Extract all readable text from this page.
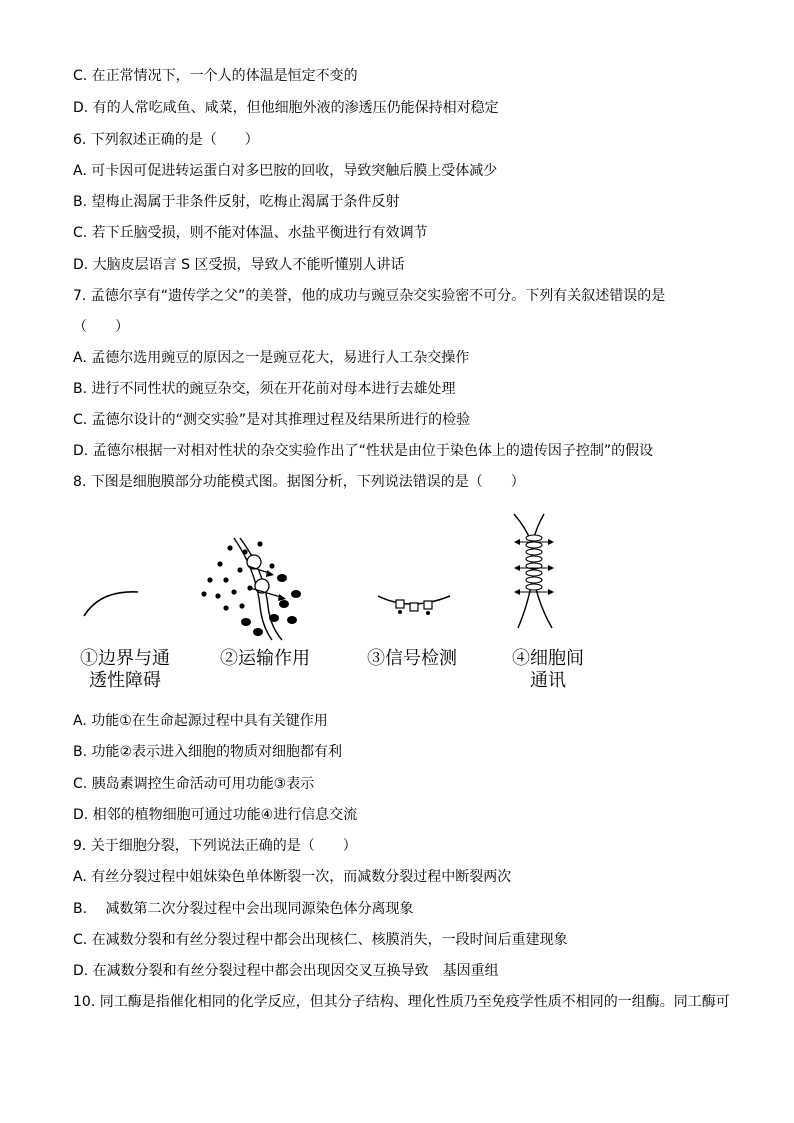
C. 在正常情况下，一个人的体温是恒定不变的

D. 有的人常吃咸鱼、咸菜，但他细胞外液的渗透压仍能保持相对稳定

6. 下列叙述正确的是（　　）

A. 可卡因可促进转运蛋白对多巴胺的回收，导致突触后膜上受体减少

B. 望梅止渴属于非条件反射，吃梅止渴属于条件反射

C. 若下丘脑受损，则不能对体温、水盐平衡进行有效调节

D. 大脑皮层语言 S 区受损，导致人不能听懂别人讲话

7. 孟德尔享有“遗传学之父”的美誉，他的成功与豌豆杂交实验密不可分。下列有关叙述错误的是

（　　）

A. 孟德尔选用豌豆的原因之一是豌豆花大，易进行人工杂交操作

B. 进行不同性状的豌豆杂交，须在开花前对母本进行去雄处理

C. 孟德尔设计的“测交实验”是对其推理过程及结果所进行的检验

D. 孟德尔根据一对相对性状的杂交实验作出了“性状是由位于染色体上的遗传因子控制”的假设

8. 下图是细胞膜部分功能模式图。据图分析，下列说法错误的是（　　）

①边界与通
透性障碍
②运输作用	③信号检测	④细胞间
通讯

A. 功能①在生命起源过程中具有关键作用

B. 功能②表示进入细胞的物质对细胞都有利

C. 胰岛素调控生命活动可用功能③表示

D. 相邻的植物细胞可通过功能④进行信息交流

9. 关于细胞分裂，下列说法正确的是（　　）

A. 有丝分裂过程中姐妹染色单体断裂一次，而减数分裂过程中断裂两次

B.　 减数第二次分裂过程中会出现同源染色体分离现象

C. 在减数分裂和有丝分裂过程中都会出现核仁、核膜消失，一段时间后重建现象

D. 在减数分裂和有丝分裂过程中都会出现因交叉互换导致　基因重组

10. 同工酶是指催化相同的化学反应，但其分子结构、理化性质乃至免疫学性质不相同的一组酶。同工酶可
